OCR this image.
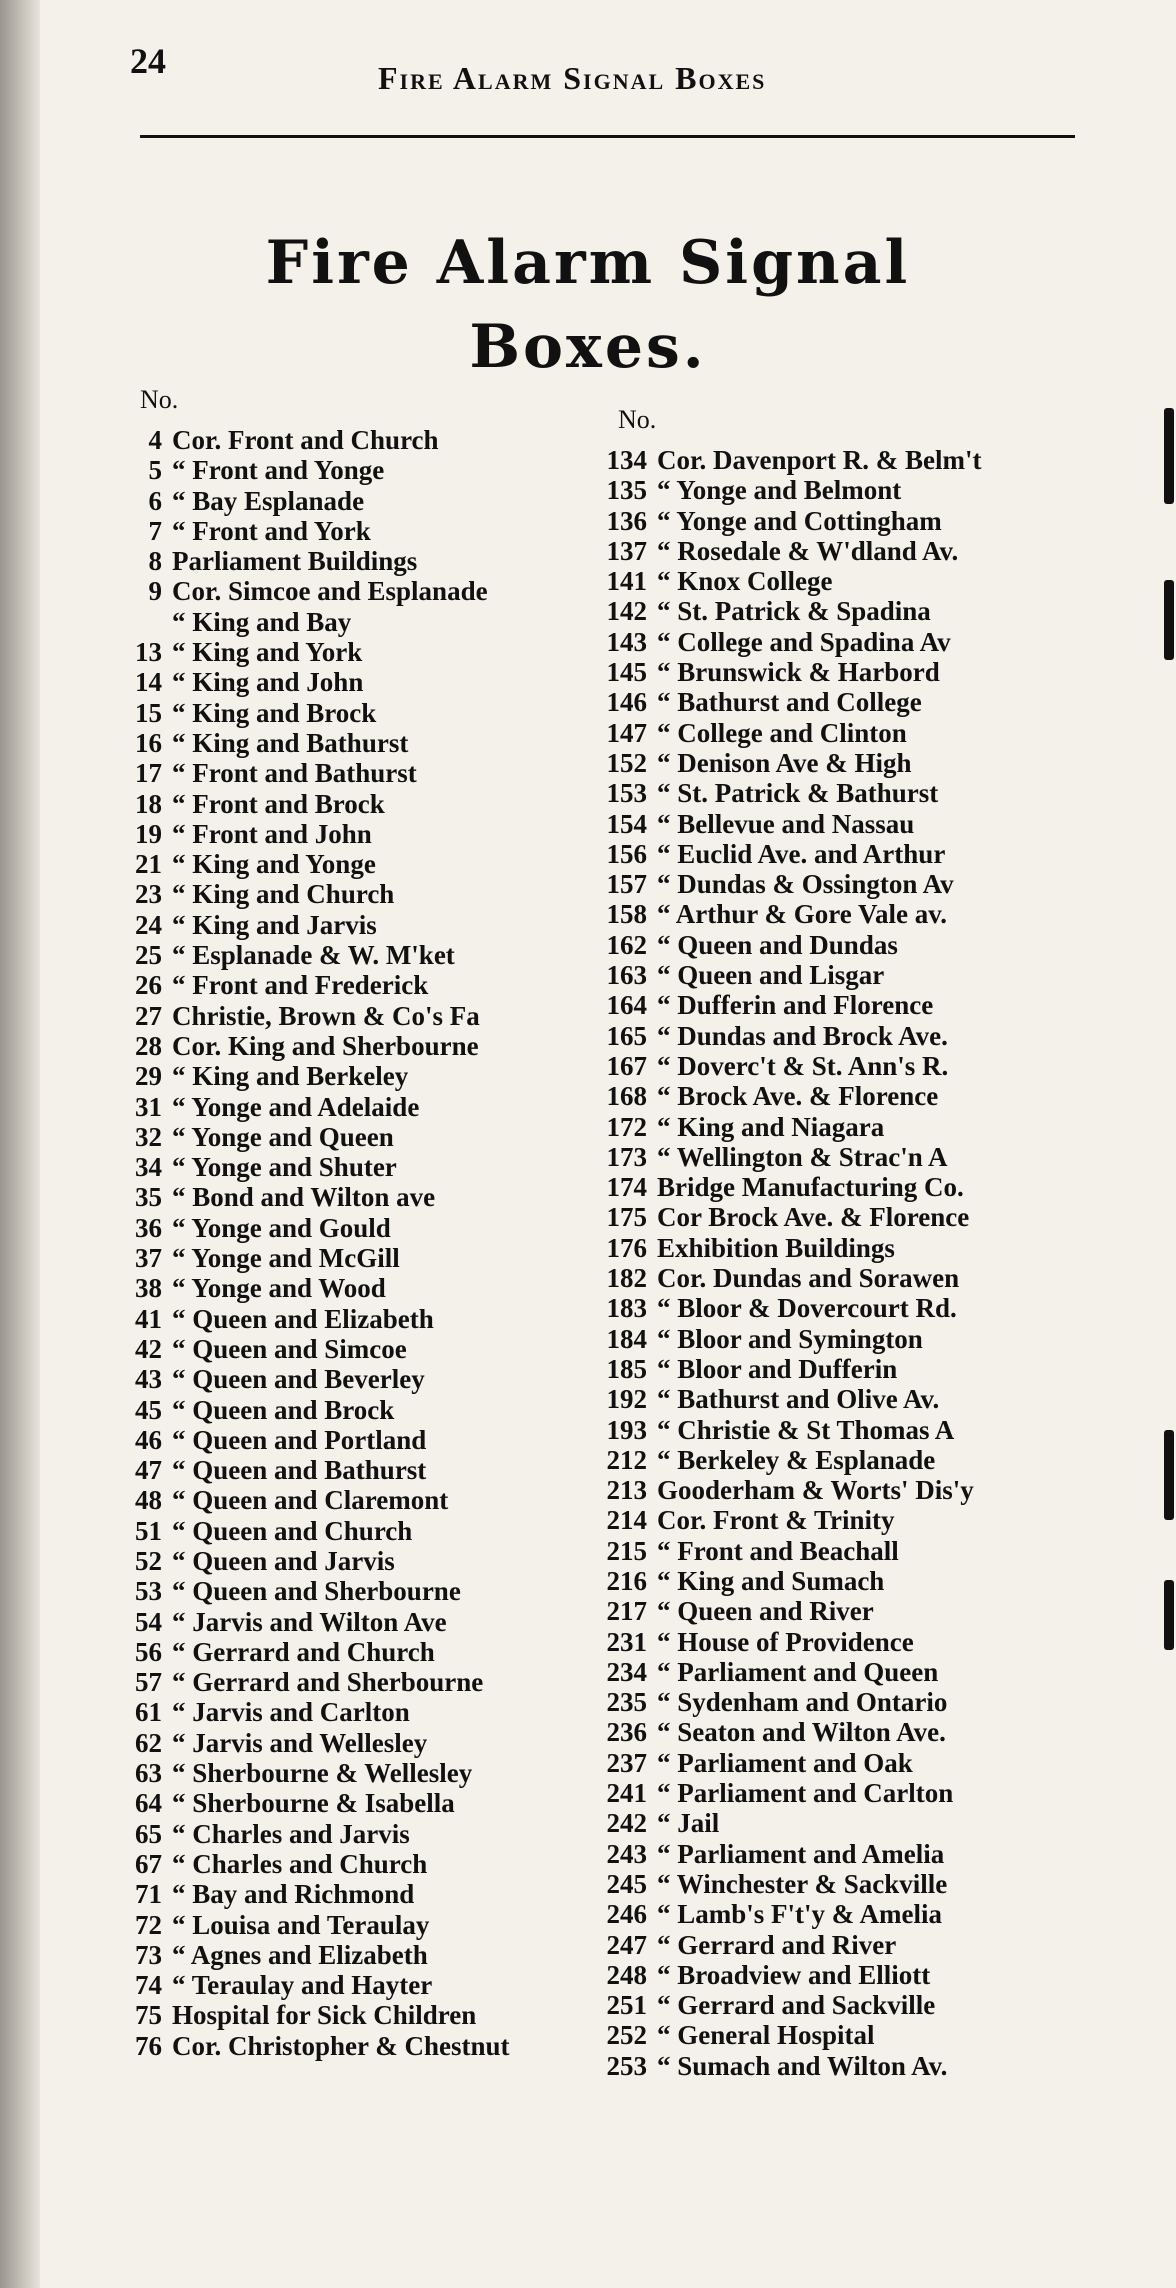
24	Fire Alarm Signal Boxes
Fire Alarm Signal
Boxes.
No.
No.
4 Cor. Front and Church
5 “ Front and Yonge
6 “ Bay Esplanade
7 “ Front and York
8 Parliament Buildings
9 Cor. Simcoe and Esplanade
“ King and Bay
13 “ King and York
14 “ King and John
15 “ King and Brock
16 “ King and Bathurst
17 “ Front and Bathurst
18 “ Front and Brock
19 “ Front and John
21 “ King and Yonge
23 “ King and Church
24 “ King and Jarvis
25 “ Esplanade & W. M'ket
26 “ Front and Frederick
27 Christie, Brown & Co's Fa
28 Cor. King and Sherbourne
29 “ King and Berkeley
31 “ Yonge and Adelaide
32 “ Yonge and Queen
34 “ Yonge and Shuter
35 “ Bond and Wilton ave
36 “ Yonge and Gould
37 “ Yonge and McGill
38 “ Yonge and Wood
41 “ Queen and Elizabeth
42 “ Queen and Simcoe
43 “ Queen and Beverley
45 “ Queen and Brock
46 “ Queen and Portland
47 “ Queen and Bathurst
48 “ Queen and Claremont
51 “ Queen and Church
52 “ Queen and Jarvis
53 “ Queen and Sherbourne
54 “ Jarvis and Wilton Ave
56 “ Gerrard and Church
57 “ Gerrard and Sherbourne
61 “ Jarvis and Carlton
62 “ Jarvis and Wellesley
63 “ Sherbourne & Wellesley
64 “ Sherbourne & Isabella
65 “ Charles and Jarvis
67 “ Charles and Church
71 “ Bay and Richmond
72 “ Louisa and Teraulay
73 “ Agnes and Elizabeth
74 “ Teraulay and Hayter
75 Hospital for Sick Children
76 Cor. Christopher & Chestnut
134 Cor. Davenport R. & Belm't
135 “ Yonge and Belmont
136 “ Yonge and Cottingham
137 “ Rosedale & W'dland Av.
141 “ Knox College
142 “ St. Patrick & Spadina
143 “ College and Spadina Av
145 “ Brunswick & Harbord
146 “ Bathurst and College
147 “ College and Clinton
152 “ Denison Ave & High
153 “ St. Patrick & Bathurst
154 “ Bellevue and Nassau
156 “ Euclid Ave. and Arthur
157 “ Dundas & Ossington Av
158 “ Arthur & Gore Vale av.
162 “ Queen and Dundas
163 “ Queen and Lisgar
164 “ Dufferin and Florence
165 “ Dundas and Brock Ave.
167 “ Doverc't & St. Ann's R.
168 “ Brock Ave. & Florence
172 “ King and Niagara
173 “ Wellington & Strac'n A
174 Bridge Manufacturing Co.
175 Cor Brock Ave. & Florence
176 Exhibition Buildings
182 Cor. Dundas and Sorawen
183 “ Bloor & Dovercourt Rd.
184 “ Bloor and Symington
185 “ Bloor and Dufferin
192 “ Bathurst and Olive Av.
193 “ Christie & St Thomas A
212 “ Berkeley & Esplanade
213 Gooderham & Worts' Dis'y
214 Cor. Front & Trinity
215 “ Front and Beachall
216 “ King and Sumach
217 “ Queen and River
231 “ House of Providence
234 “ Parliament and Queen
235 “ Sydenham and Ontario
236 “ Seaton and Wilton Ave.
237 “ Parliament and Oak
241 “ Parliament and Carlton
242 “ Jail
243 “ Parliament and Amelia
245 “ Winchester & Sackville
246 “ Lamb's F't'y & Amelia
247 “ Gerrard and River
248 “ Broadview and Elliott
251 “ Gerrard and Sackville
252 “ General Hospital
253 “ Sumach and Wilton Av.
